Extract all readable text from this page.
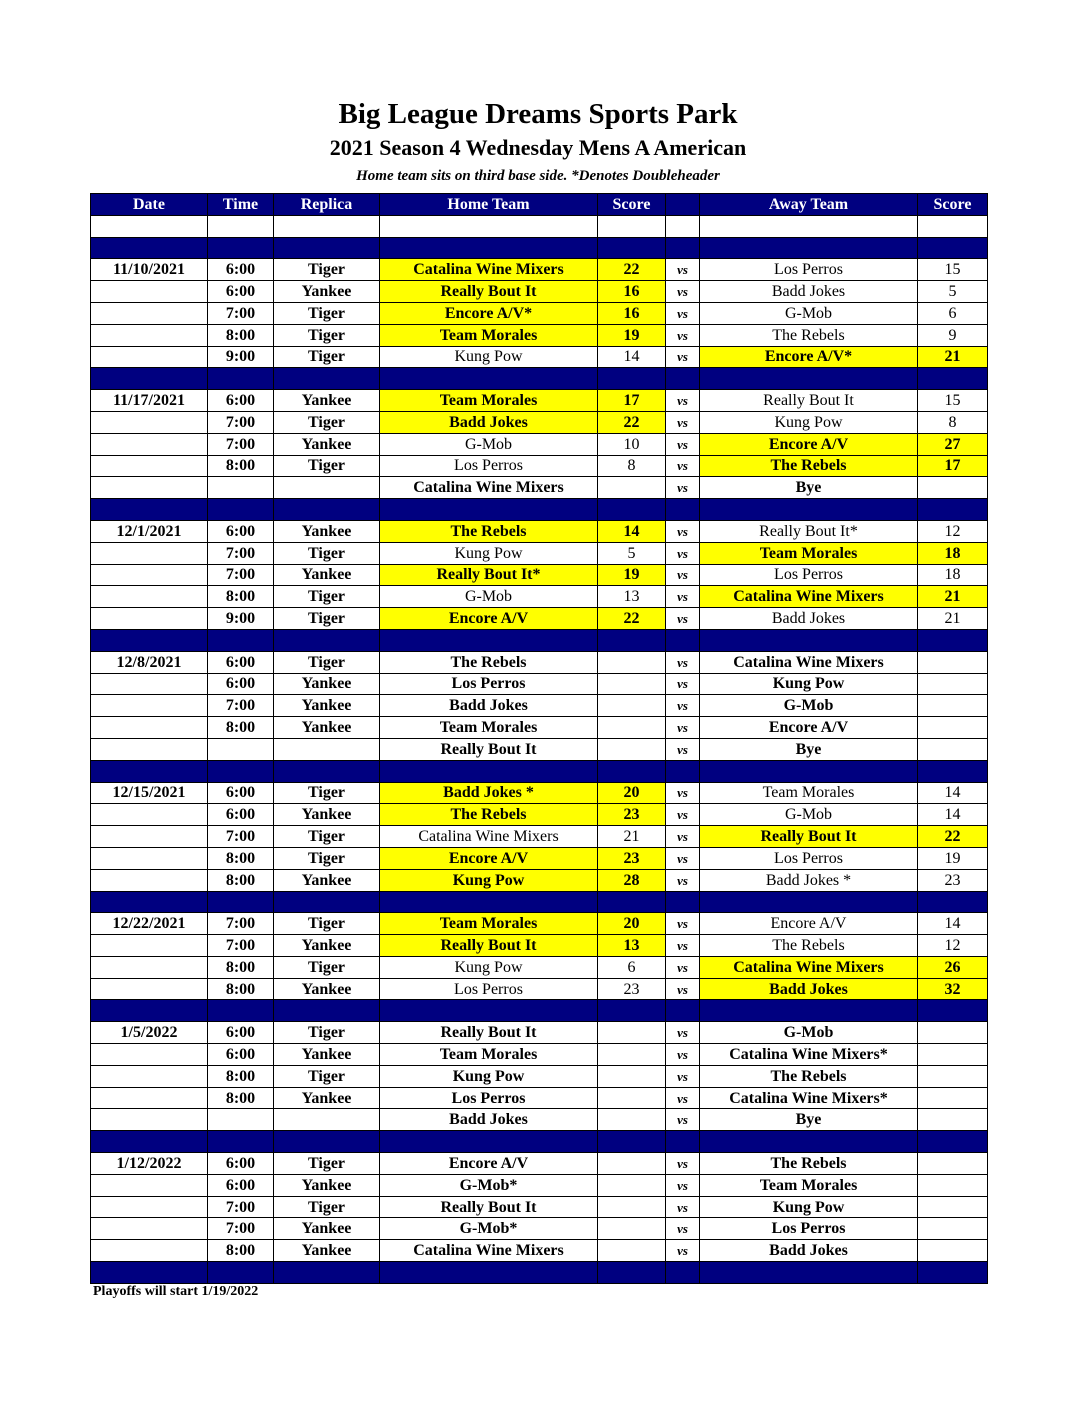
Big League Dreams Sports Park
2021 Season 4 Wednesday Mens A American
Home team sits on third base side. *Denotes Doubleheader
Date	Time	Replica	Home Team	Score		Away Team	Score

11/10/2021	6:00	Tiger	Catalina Wine Mixers	22	vs	Los Perros	15
	6:00	Yankee	Really Bout It	16	vs	Badd Jokes	5
	7:00	Tiger	Encore A/V*	16	vs	G-Mob	6
	8:00	Tiger	Team Morales	19	vs	The Rebels	9
	9:00	Tiger	Kung Pow	14	vs	Encore A/V*	21

11/17/2021	6:00	Yankee	Team Morales	17	vs	Really Bout It	15
	7:00	Tiger	Badd Jokes	22	vs	Kung Pow	8
	7:00	Yankee	G-Mob	10	vs	Encore A/V	27
	8:00	Tiger	Los Perros	8	vs	The Rebels	17
			Catalina Wine Mixers		vs	Bye	

12/1/2021	6:00	Yankee	The Rebels	14	vs	Really Bout It*	12
	7:00	Tiger	Kung Pow	5	vs	Team Morales	18
	7:00	Yankee	Really Bout It*	19	vs	Los Perros	18
	8:00	Tiger	G-Mob	13	vs	Catalina Wine Mixers	21
	9:00	Tiger	Encore A/V	22	vs	Badd Jokes	21

12/8/2021	6:00	Tiger	The Rebels		vs	Catalina Wine Mixers	
	6:00	Yankee	Los Perros		vs	Kung Pow	
	7:00	Yankee	Badd Jokes		vs	G-Mob	
	8:00	Yankee	Team Morales		vs	Encore A/V	
			Really Bout It		vs	Bye	

12/15/2021	6:00	Tiger	Badd Jokes *	20	vs	Team Morales	14
	6:00	Yankee	The Rebels	23	vs	G-Mob	14
	7:00	Tiger	Catalina Wine Mixers	21	vs	Really Bout It	22
	8:00	Tiger	Encore A/V	23	vs	Los Perros	19
	8:00	Yankee	Kung Pow	28	vs	Badd Jokes *	23

12/22/2021	7:00	Tiger	Team Morales	20	vs	Encore A/V	14
	7:00	Yankee	Really Bout It	13	vs	The Rebels	12
	8:00	Tiger	Kung Pow	6	vs	Catalina Wine Mixers	26
	8:00	Yankee	Los Perros	23	vs	Badd Jokes	32

1/5/2022	6:00	Tiger	Really Bout It		vs	G-Mob	
	6:00	Yankee	Team Morales		vs	Catalina Wine Mixers*	
	8:00	Tiger	Kung Pow		vs	The Rebels	
	8:00	Yankee	Los Perros		vs	Catalina Wine Mixers*	
			Badd Jokes		vs	Bye	

1/12/2022	6:00	Tiger	Encore A/V		vs	The Rebels	
	6:00	Yankee	G-Mob*		vs	Team Morales	
	7:00	Tiger	Really Bout It		vs	Kung Pow	
	7:00	Yankee	G-Mob*		vs	Los Perros	
	8:00	Yankee	Catalina Wine Mixers		vs	Badd Jokes	

Playoffs will start 1/19/2022
